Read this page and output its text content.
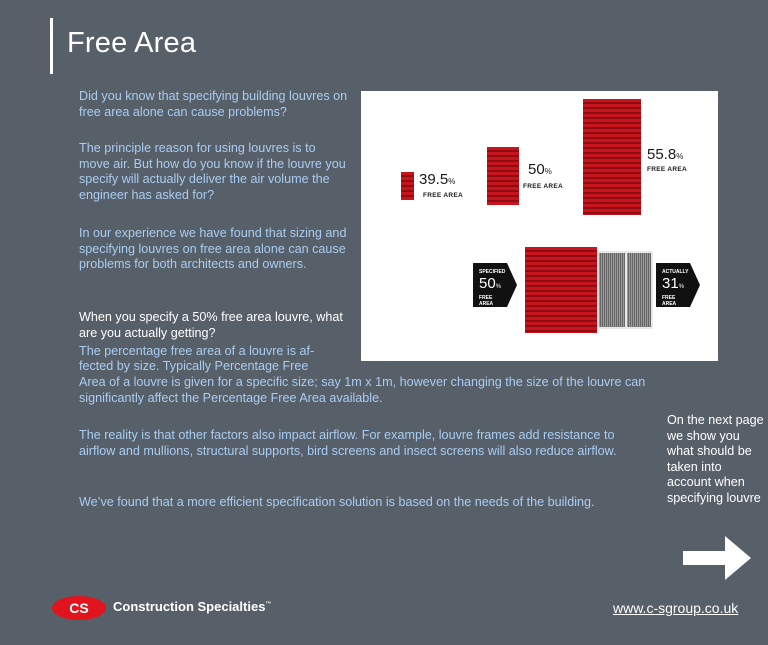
Free Area

Did you know that specifying building louvres on free area alone can cause problems?

The principle reason for using louvres is to move air. But how do you know if the louvre you specify will actually deliver the air volume the engineer has asked for?

In our experience we have found that sizing and specifying louvres on free area alone can cause problems for both architects and owners.

When you specify a 50% free area louvre, what are you actually getting?

The percentage free area of a louvre is af-

fected by size. Typically Percentage Free

Area of a louvre is given for a specific size; say 1m x 1m, however changing the size of the louvre can significantly affect the Percentage Free Area available.

The reality is that other factors also impact airflow. For example, louvre frames add resistance to airflow and mullions, structural supports, bird screens and insect screens will also reduce airflow.

We’ve found that a more efficient specification solution is based on the needs of the building.

39.5%
FREE AREA
50%
FREE AREA
55.8%
FREE AREA
SPECIFIED
50%
FREE AREA
ACTUALLY
31%
FREE AREA
On the next page we show you what should be taken into account when specifying louvre
CS Construction Specialties™	www.c-sgroup.co.uk
